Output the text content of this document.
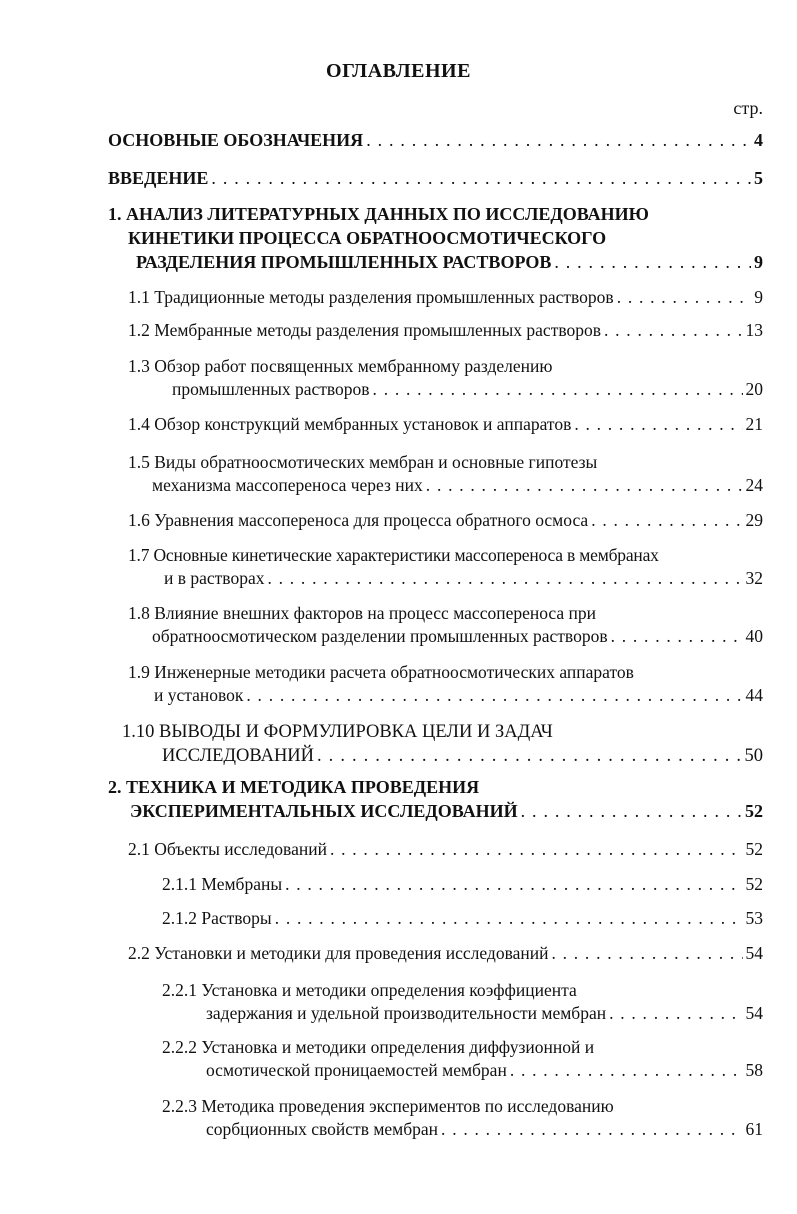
ОГЛАВЛЕНИЕ
стр.
ОСНОВНЫЕ ОБОЗНАЧЕНИЯ . . .	4
ВВЕДЕНИЕ . . .	5
1. АНАЛИЗ ЛИТЕРАТУРНЫХ ДАННЫХ ПО ИССЛЕДОВАНИЮ
КИНЕТИКИ ПРОЦЕССА ОБРАТНООСМОТИЧЕСКОГО
РАЗДЕЛЕНИЯ ПРОМЫШЛЕННЫХ РАСТВОРОВ . . .	9
1.1 Традиционные методы разделения промышленных растворов . . .	9
1.2 Мембранные методы разделения промышленных растворов . . .	13
1.3 Обзор работ посвященных мембранному разделению
промышленных растворов . . .	20
1.4 Обзор конструкций мембранных установок и аппаратов . . .	21
1.5 Виды обратноосмотических мембран и основные гипотезы
механизма массопереноса через них . . .	24
1.6 Уравнения массопереноса для процесса обратного осмоса . . .	29
1.7 Основные кинетические характеристики массопереноса в мембранах
и в растворах . . .	32
1.8 Влияние внешних факторов на процесс массопереноса при
обратноосмотическом разделении промышленных растворов . . .	40
1.9 Инженерные методики расчета обратноосмотических аппаратов
и установок . . .	44
1.10 ВЫВОДЫ И ФОРМУЛИРОВКА ЦЕЛИ И ЗАДАЧ
ИССЛЕДОВАНИЙ . . .	50
2. ТЕХНИКА И МЕТОДИКА ПРОВЕДЕНИЯ
ЭКСПЕРИМЕНТАЛЬНЫХ ИССЛЕДОВАНИЙ . . .	52
2.1 Объекты исследований . . .	52
2.1.1 Мембраны . . .	52
2.1.2 Растворы . . .	53
2.2 Установки и методики для проведения исследований . . .	54
2.2.1 Установка и методики определения коэффициента
задержания и удельной производительности мембран . . .	54
2.2.2 Установка и методики определения диффузионной и
осмотической проницаемостей мембран . . .	58
2.2.3 Методика проведения экспериментов по исследованию
сорбционных свойств мембран . . .	61
